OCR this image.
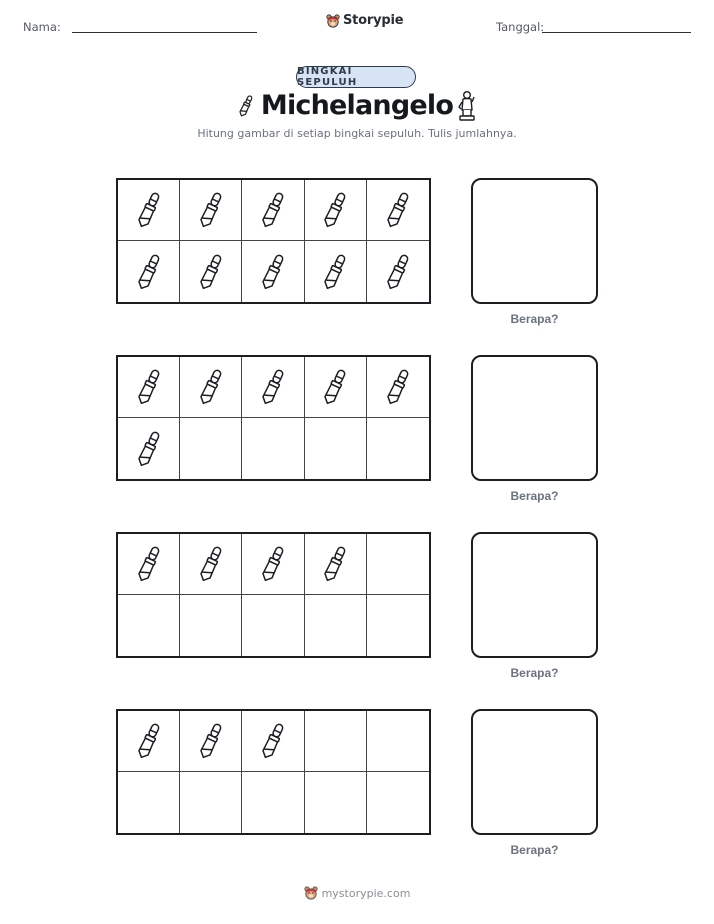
Nama:	Storypie	Tanggal:
BINGKAI SEPULUH
Michelangelo
Hitung gambar di setiap bingkai sepuluh. Tulis jumlahnya.
Berapa?
Berapa?
Berapa?
Berapa?
mystorypie.com
